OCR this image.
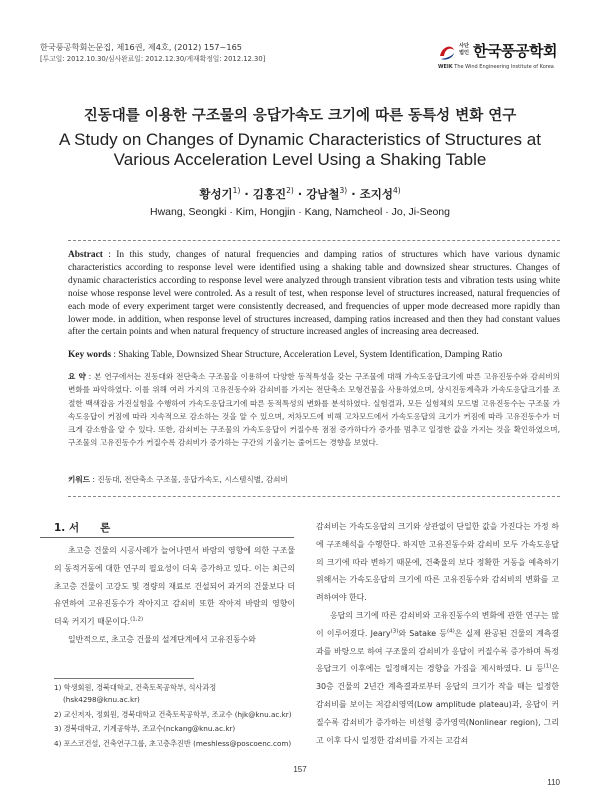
한국풍공학회논문집, 제16권, 제4호, (2012) 157~165
[투고일: 2012.10.30/심사완료일: 2012.12.30/게재확정일: 2012.12.30]
사단법인 한국풍공학회
WEIK The Wind Engineering Institute of Korea
진동대를 이용한 구조물의 응답가속도 크기에 따른 동특성 변화 연구
A Study on Changes of Dynamic Characteristics of Structures at Various Acceleration Level Using a Shaking Table
황성기$^{1)}$ · 김홍진$^{2)}$ · 강남철$^{3)}$ · 조지성$^{4)}$
Hwang, Seongki · Kim, Hongjin · Kang, Namcheol · Jo, Ji-Seong
Abstract : In this study, changes of natural frequencies and damping ratios of structures which have various dynamic characteristics according to response level were identified using a shaking table and downsized shear structures. Changes of dynamic characteristics according to response level were analyzed through transient vibration tests and vibration tests using white noise whose response level were controled. As a result of test, when response level of structures increased, natural frequencies of each mode of every experiment target were consistently decreased, and frequencies of upper mode decreased more rapidly than lower mode. in addition, when response level of structures increased, damping ratios increased and then they had constant values after the certain points and when natural frequency of structure increased angles of increasing area decreased.
Key words : Shaking Table, Downsized Shear Structure, Acceleration Level, System Identification, Damping Ratio
요 약 : 본 연구에서는 진동대와 전단축소 구조물을 이용하여 다양한 동적특성을 갖는 구조물에 대해 가속도응답크기에 따른 고유진동수와 감쇠비의 변화를 파악하였다. 이를 위해 여러 가지의 고유진동수와 감쇠비를 가지는 전단축소 모형건물을 사용하였으며, 상시진동계측과 가속도응답크기를 조절한 백색잡음 가진실험을 수행하여 가속도응답크기에 따른 동적특성의 변화를 분석하였다. 실험결과, 모든 실험체의 모드별 고유진동수는 구조물 가속도응답이 커짐에 따라 지속적으로 감소하는 것을 알 수 있으며, 저차모드에 비해 고차모드에서 가속도응답의 크기가 커짐에 따라 고유진동수가 더 크게 감소함을 알 수 있다. 또한, 감쇠비는 구조물의 가속도응답이 커질수록 점점 증가하다가 증가를 멈추고 일정한 값을 가지는 것을 확인하였으며, 구조물의 고유진동수가 커질수록 감쇠비가 증가하는 구간의 기울기는 줄어드는 경향을 보였다.
키워드 : 진동대, 전단축소 구조물, 응답가속도, 시스템식별, 감쇠비
1. 서　　론

초고층 건물의 시공사례가 늘어나면서 바람의 영향에 의한 구조물의 동적거동에 대한 연구의 필요성이 더욱 증가하고 있다. 이는 최근의 초고층 건물이 고강도 및 경량의 재료로 건설되어 과거의 건물보다 더 유연하여 고유진동수가 작아지고 감쇠비 또한 작아져 바람의 영향이 더욱 커지기 때문이다.$^{(1,2)}$

일반적으로, 초고층 건물의 설계단계에서 고유진동수와

1) 학생회원, 경북대학교, 건축토목공학부, 석사과정 (hsk4298@knu.ac.kr)
2) 교신저자, 정회원, 경북대학교 건축토목공학부, 조교수 (hjk@knu.ac.kr)
3) 경북대학교, 기계공학부, 조교수(nckang@knu.ac.kr)
4) 포스코건설, 건축연구그룹, 초고층추진반 (meshless@poscoenc.com)

감쇠비는 가속도응답의 크기와 상관없이 단일한 값을 가진다는 가정 하에 구조해석을 수행한다. 하지만 고유진동수와 감쇠비 모두 가속도응답의 크기에 따라 변하기 때문에, 건축물의 보다 정확한 거동을 예측하기 위해서는 가속도응답의 크기에 따른 고유진동수와 감쇠비의 변화를 고려하여야 한다.

응답의 크기에 따른 감쇠비와 고유진동수의 변화에 관한 연구는 많이 이루어졌다. Jeary$^{(3)}$와 Satake 등$^{(4)}$은 실제 완공된 건물의 계측결과를 바탕으로 하여 구조물의 감쇠비가 응답이 커질수록 증가하며 특정 응답크기 이후에는 일정해지는 경향을 가짐을 제시하였다. Li 등$^{(1)}$은 30층 건물의 2년간 계측결과로부터 응답의 크기가 작을 때는 일정한 감쇠비를 보이는 저감쇠영역(Low amplitude plateau)과, 응답이 커질수록 감쇠비가 증가하는 비선형 증가영역(Nonlinear region), 그리고 이후 다시 일정한 감쇠비를 가지는 고감쇠

157
110
